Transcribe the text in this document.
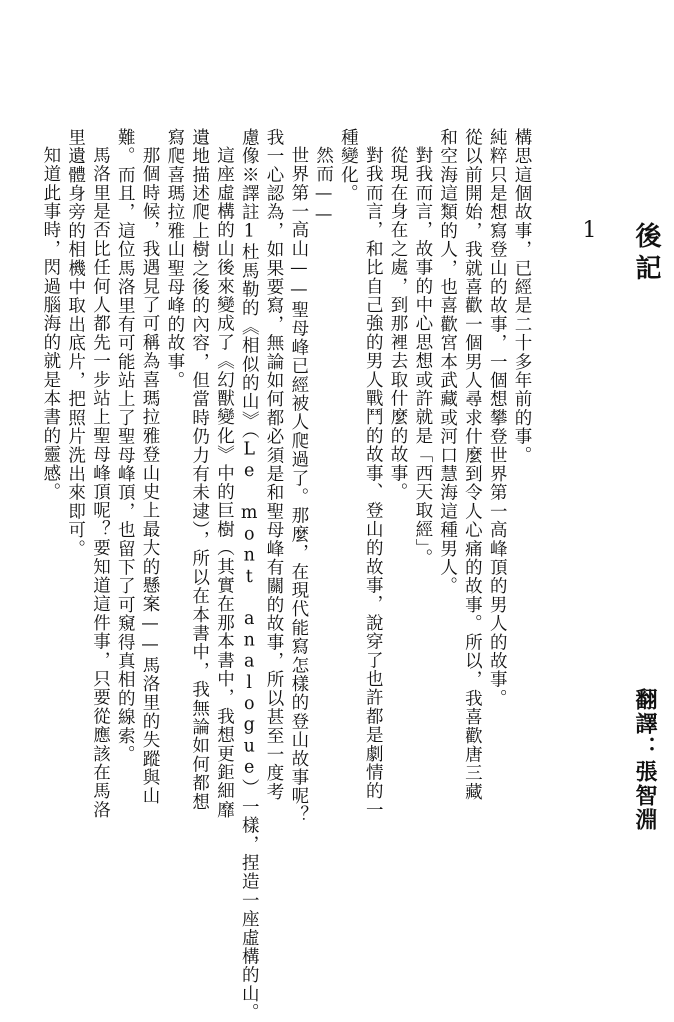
後記
1
翻譯：張智淵
構思這個故事，已經是二十多年前的事。
純粹只是想寫登山的故事，一個想攀登世界第一高峰頂的男人的故事。
從以前開始，我就喜歡一個男人尋求什麼到令人心痛的故事。所以，我喜歡唐三藏
和空海這類的人，也喜歡宮本武藏或河口慧海這種男人。
對我而言，故事的中心思想或許就是「西天取經」。
從現在身在之處，到那裡去取什麼的故事。
對我而言，和比自己強的男人戰鬥的故事、登山的故事，說穿了也許都是劇情的一
種變化。
然而——
世界第一高山——聖母峰已經被人爬過了。那麼，在現代能寫怎樣的登山故事呢？
我一心認為，如果要寫，無論如何都必須是和聖母峰有關的故事，所以甚至一度考
慮像※譯註1杜馬勒的《相似的山》（Le mont analogue）一樣，捏造一座虛構的山。
這座虛構的山後來變成了《幻獸變化》中的巨樹（其實在那本書中，我想更鉅細靡
遺地描述爬上樹之後的內容，但當時仍力有未逮），所以在本書中，我無論如何都想
寫爬喜瑪拉雅山聖母峰的故事。
那個時候，我遇見了可稱為喜瑪拉雅登山史上最大的懸案——馬洛里的失蹤與山
難。而且，這位馬洛里有可能站上了聖母峰頂，也留下了可窺得真相的線索。
馬洛里是否比任何人都先一步站上聖母峰頂呢？要知道這件事，只要從應該在馬洛
里遺體身旁的相機中取出底片，把照片洗出來即可。
知道此事時，閃過腦海的就是本書的靈感。
